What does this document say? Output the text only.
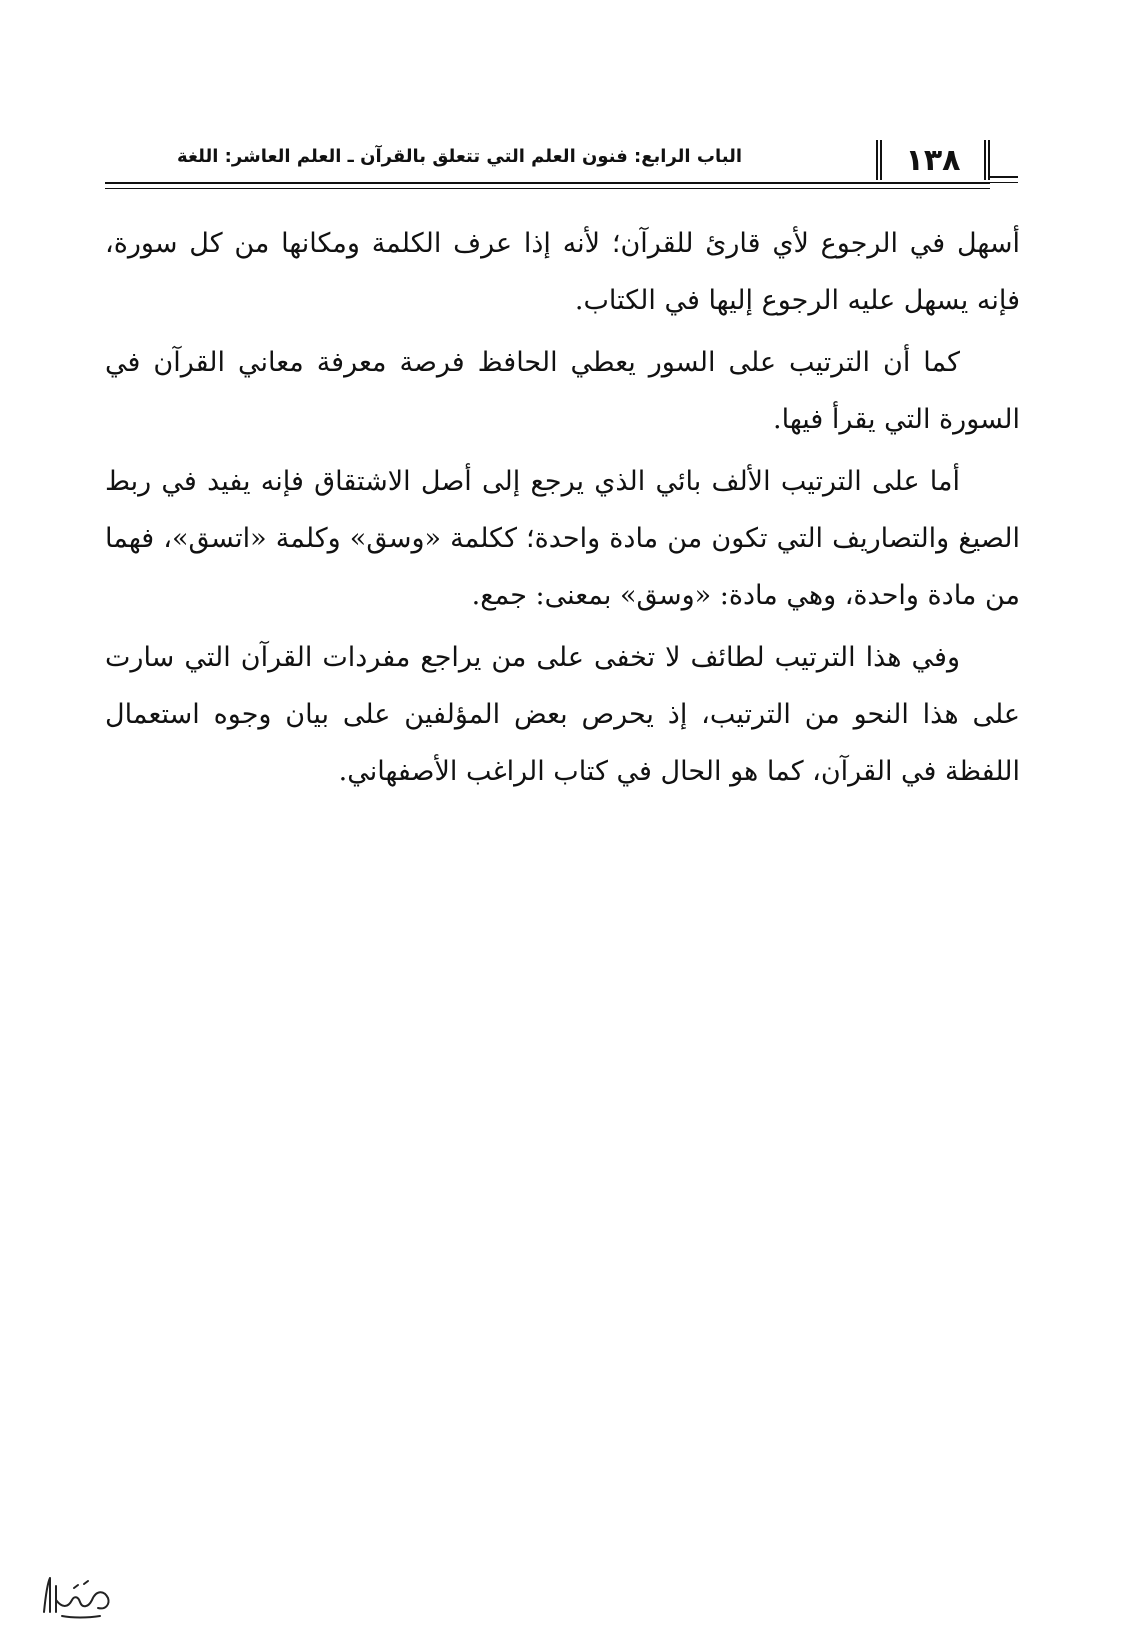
الباب الرابع: فنون العلم التي تتعلق بالقرآن ـ العلم العاشر: اللغة	١٣٨

أسهل في الرجوع لأي قارئ للقرآن؛ لأنه إذا عرف الكلمة ومكانها من كل سورة، فإنه يسهل عليه الرجوع إليها في الكتاب.

كما أن الترتيب على السور يعطي الحافظ فرصة معرفة معاني القرآن في السورة التي يقرأ فيها.

أما على الترتيب الألف بائي الذي يرجع إلى أصل الاشتقاق فإنه يفيد في ربط الصيغ والتصاريف التي تكون من مادة واحدة؛ ككلمة «وسق» وكلمة «اتسق»، فهما من مادة واحدة، وهي مادة: «وسق» بمعنى: جمع.

وفي هذا الترتيب لطائف لا تخفى على من يراجع مفردات القرآن التي سارت على هذا النحو من الترتيب، إذ يحرص بعض المؤلفين على بيان وجوه استعمال اللفظة في القرآن، كما هو الحال في كتاب الراغب الأصفهاني.
